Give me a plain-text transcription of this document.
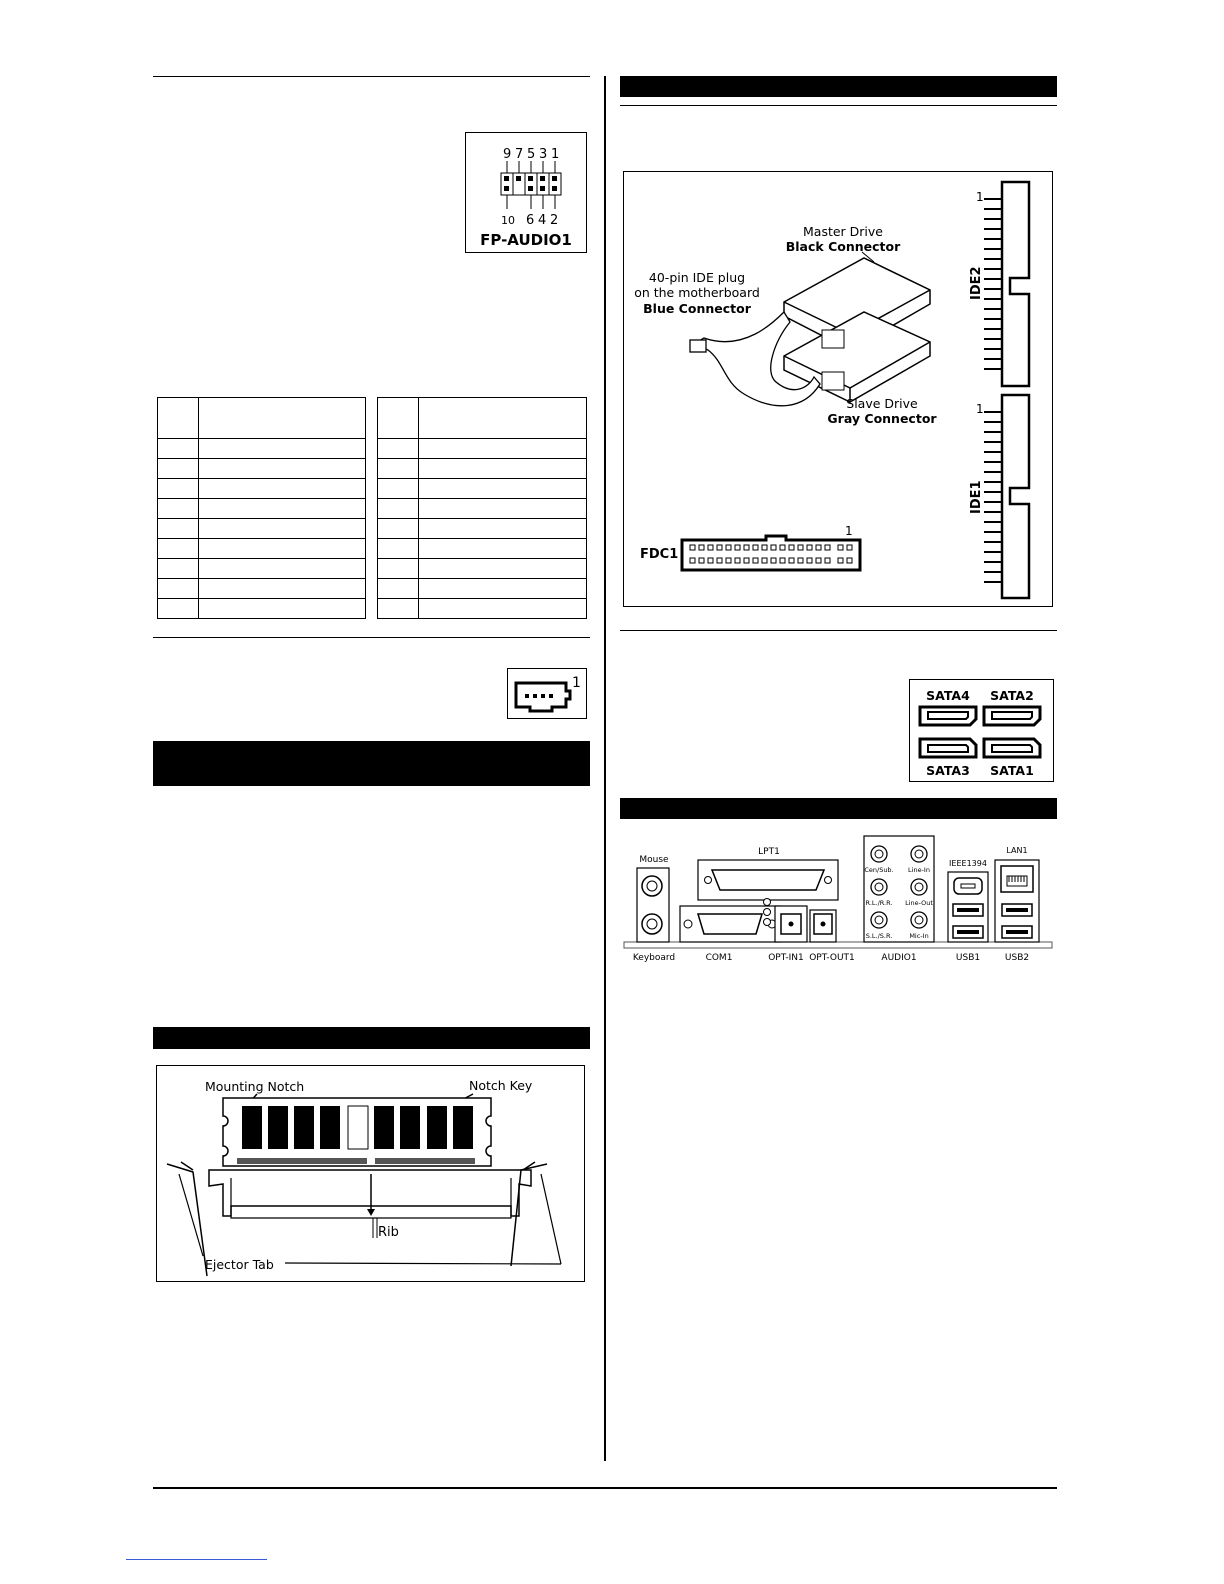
9 7 5 3 1
10 6 4 2
FP-AUDIO1

1
Mounting Notch	Notch Key
Rib
Ejector Tab
Master Drive
Black Connector
40-pin IDE plug
on the motherboard
Blue Connector
Slave Drive
Gray Connector
1
IDE2
1
IDE1
1
FDC1
SATA4 SATA2
SATA3 SATA1
Mouse
Keyboard
LPT1
COM1	OPT-IN1 OPT-OUT1
Cen/Sub. Line-In
R.L./R.R. Line-Out
S.L./S.R.	Mic-In
AUDIO1
IEEE1394
USB1
LAN1
USB2
